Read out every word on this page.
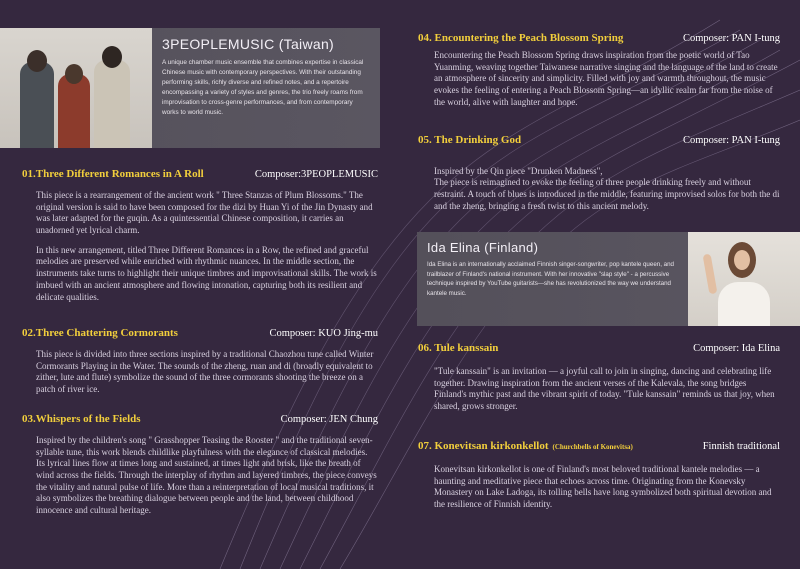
3PEOPLEMUSIC (Taiwan)
A unique chamber music ensemble that combines expertise in classical Chinese music with contemporary perspectives. With their outstanding performing skills, richly diverse and refined notes, and a repertoire encompassing a variety of styles and genres, the trio freely roams from improvisation to cross-genre performances, and from contemporary works to world music.
Ida Elina (Finland)
Ida Elina is an internationally acclaimed Finnish singer-songwriter, pop kantele queen, and trailblazer of Finland's national instrument. With her innovative "slap style" - a percussive technique inspired by YouTube guitarists—she has revolutionized the way we understand kantele music.
01.Three Different Romances in A Roll	Composer:3PEOPLEMUSIC

This piece is a rearrangement of the ancient work " Three Stanzas of Plum Blossoms." The original version is said to have been composed for the dizi by Huan Yi of the Jin Dynasty and was later adapted for the guqin. As a quintessential Chinese composition, it carries an unadorned yet lyrical charm.

In this new arrangement, titled Three Different Romances in a Row, the refined and graceful melodies are preserved while enriched with rhythmic nuances. In the middle section, the instruments take turns to highlight their unique timbres and improvisational skills. The work is imbued with an ancient atmosphere and flowing intonation, capturing both its resilient and delicate qualities.

02.Three Chattering Cormorants	Composer: KUO Jing-mu

This piece is divided into three sections inspired by a traditional Chaozhou tune called Winter Cormorants Playing in the Water. The sounds of the zheng, ruan and di (broadly equivalent to zither, lute and flute) symbolize the sound of the three cormorants shooting the breeze on a patch of river ice.

03.Whispers of the Fields	Composer: JEN Chung

Inspired by the children's song " Grasshopper Teasing the Rooster " and the traditional seven-syllable tune, this work blends childlike playfulness with the elegance of classical melodies. Its lyrical lines flow at times long and sustained, at times light and brisk, like the breath of wind across the fields. Through the interplay of rhythm and layered timbres, the piece conveys the vitality and natural pulse of life. More than a reinterpretation of local musical traditions, it also symbolizes the breathing dialogue between people and the land, between childhood innocence and cultural heritage.

04. Encountering the Peach Blossom Spring	Composer: PAN I-tung

Encountering the Peach Blossom Spring draws inspiration from the poetic world of Tao Yuanming, weaving together Taiwanese narrative singing and the language of the land to create an atmosphere of sincerity and simplicity. Filled with joy and warmth throughout, the music evokes the feeling of entering a Peach Blossom Spring—an idyllic realm far from the noise of the world, alive with laughter and hope.

05. The Drinking God	Composer: PAN I-tung

Inspired by the Qin piece "Drunken Madness",
The piece is reimagined to evoke the feeling of three people drinking freely and without restraint. A touch of blues is introduced in the middle, featuring improvised solos for both the di and the zheng, bringing a fresh twist to this ancient melody.

06. Tule kanssain	Composer: Ida Elina

"Tule kanssain" is an invitation — a joyful call to join in singing, dancing and celebrating life together. Drawing inspiration from the ancient verses of the Kalevala, the song bridges Finland's mythic past and the vibrant spirit of today. "Tule kanssain" reminds us that joy, when shared, grows stronger.

07. Konevitsan kirkonkellot (Churchbells of Konevitsa)	Finnish traditional

Konevitsan kirkonkellot is one of Finland's most beloved traditional kantele melodies — a haunting and meditative piece that echoes across time. Originating from the Konevsky Monastery on Lake Ladoga, its tolling bells have long symbolized both spiritual devotion and the resilience of Finnish identity.
